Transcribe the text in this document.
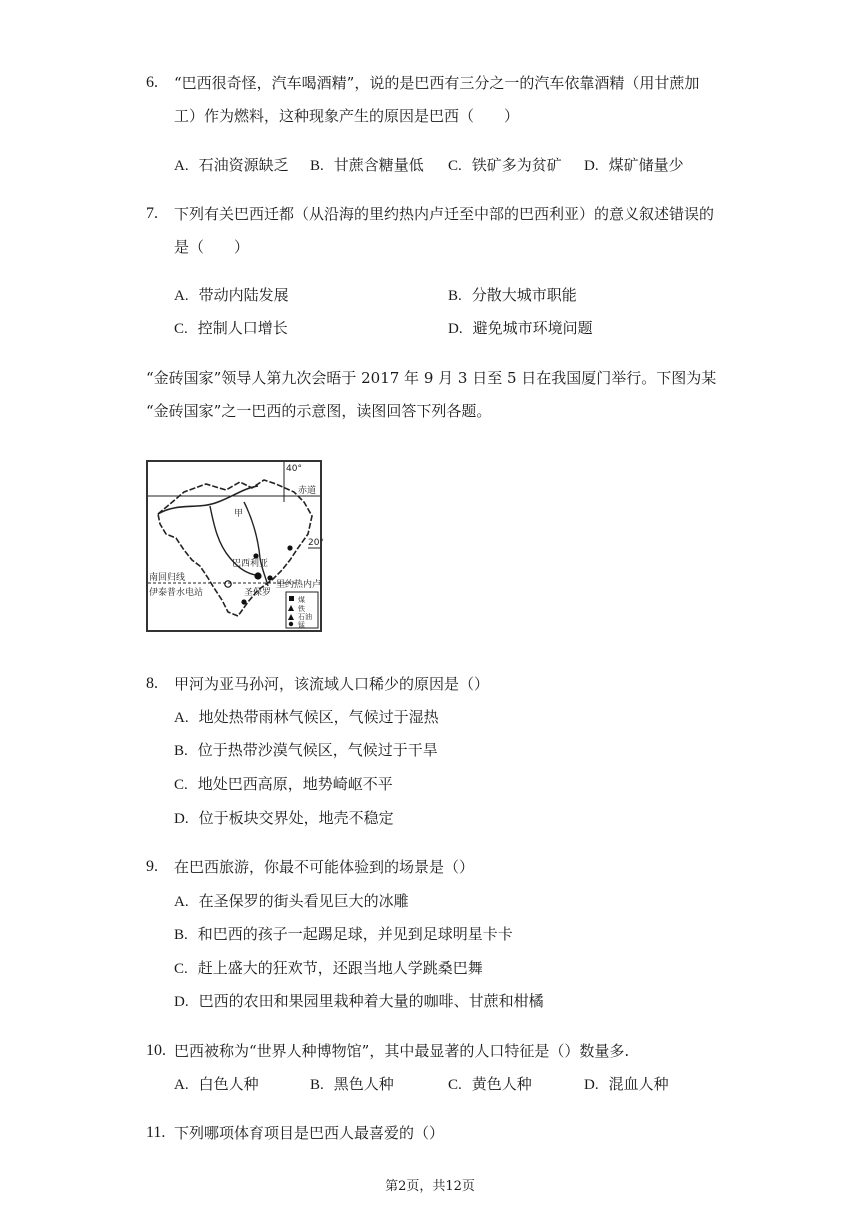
6. “巴西很奇怪，汽车喝酒精”，说的是巴西有三分之一的汽车依靠酒精（用甘蔗加
工）作为燃料，这种现象产生的原因是巴西（　　）
A. 石油资源缺乏 B. 甘蔗含糖量低 C. 铁矿多为贫矿 D. 煤矿储量少
7. 下列有关巴西迁都（从沿海的里约热内卢迁至中部的巴西利亚）的意义叙述错误的
是（　　）
A. 带动内陆发展	B. 分散大城市职能
C. 控制人口增长	D. 避免城市环境问题
“金砖国家”领导人第九次会晤于 2017 年 9 月 3 日至 5 日在我国厦门举行。下图为某
“金砖国家”之一巴西的示意图，读图回答下列各题。
40°
赤道
20°
南回归线
甲
巴西利亚
伊泰普水电站	圣保罗
里约热内卢
煤
铁
石油
锰
8. 甲河为亚马孙河，该流域人口稀少的原因是（）
A. 地处热带雨林气候区，气候过于湿热
B. 位于热带沙漠气候区，气候过于干旱
C. 地处巴西高原，地势崎岖不平
D. 位于板块交界处，地壳不稳定
9. 在巴西旅游，你最不可能体验到的场景是（）
A. 在圣保罗的街头看见巨大的冰雕
B. 和巴西的孩子一起踢足球，并见到足球明星卡卡
C. 赶上盛大的狂欢节，还跟当地人学跳桑巴舞
D. 巴西的农田和果园里栽种着大量的咖啡、甘蔗和柑橘
10. 巴西被称为“世界人种博物馆”，其中最显著的人口特征是（）数量多.
A. 白色人种	B. 黑色人种	C. 黄色人种	D. 混血人种
11. 下列哪项体育项目是巴西人最喜爱的（）
第2页，共12页
